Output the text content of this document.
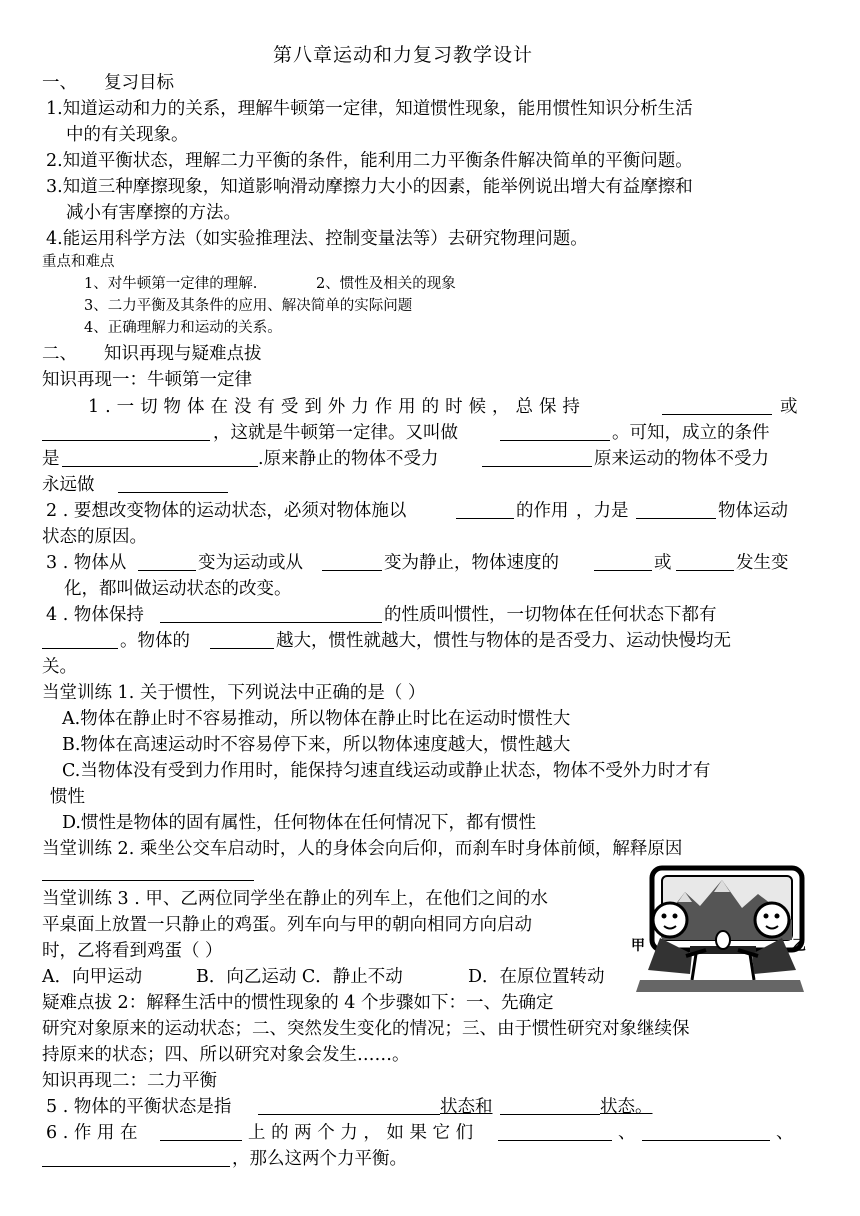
第八章运动和力复习教学设计
一、 复习目标
1.知道运动和力的关系，理解牛顿第一定律，知道惯性现象，能用惯性知识分析生活
中的有关现象。
2.知道平衡状态，理解二力平衡的条件，能利用二力平衡条件解决简单的平衡问题。
3.知道三种摩擦现象，知道影响滑动摩擦力大小的因素，能举例说出增大有益摩擦和
减小有害摩擦的方法。
4.能运用科学方法（如实验推理法、控制变量法等）去研究物理问题。
重点和难点
1、对牛顿第一定律的理解.	2、惯性及相关的现象
3、二力平衡及其条件的应用、解决简单的实际问题
4、正确理解力和运动的关系。
二、 知识再现与疑难点拔
知识再现一：牛顿第一定律
1 . 一 切 物 体 在 没 有 受 到 外 力 作 用 的 时 候 ， 总 保 持	或
，这就是牛顿第一定律。又叫做	。可知，成立的条件
是	.原来静止的物体不受力	原来运动的物体不受力
永远做
2 . 要想改变物体的运动状态，必须对物体施以	的作用 ，力是	物体运动
状态的原因。
3 . 物体从	变为运动或从	变为静止，物体速度的	或	发生变
化，都叫做运动状态的改变。
4 . 物体保持	的性质叫惯性，一切物体在任何状态下都有
。物体的	越大，惯性就越大，惯性与物体的是否受力、运动快慢均无
关。
当堂训练 1. 关于惯性，下列说法中正确的是（ ）
A.物体在静止时不容易推动，所以物体在静止时比在运动时惯性大
B.物体在高速运动时不容易停下来，所以物体速度越大，惯性越大
C.当物体没有受到力作用时，能保持匀速直线运动或静止状态，物体不受外力时才有
惯性
D.惯性是物体的固有属性，任何物体在任何情况下，都有惯性
当堂训练 2. 乘坐公交车启动时，人的身体会向后仰，而刹车时身体前倾，解释原因
当堂训练 3 . 甲、乙两位同学坐在静止的列车上，在他们之间的水
平桌面上放置一只静止的鸡蛋。列车向与甲的朝向相同方向启动
时，乙将看到鸡蛋（ ）
A．向甲运动	B．向乙运动 C．静止不动	D．在原位置转动
甲	乙
疑难点拔 2：解释生活中的惯性现象的 4 个步骤如下：一、先确定
研究对象原来的运动状态；二、突然发生变化的情况；三、由于惯性研究对象继续保
持原来的状态；四、所以研究对象会发生……。
知识再现二：二力平衡
5 . 物体的平衡状态是指	状态和	状态。
6 . 作 用 在	上 的 两 个 力 ， 如 果 它 们	、	、
，那么这两个力平衡。
